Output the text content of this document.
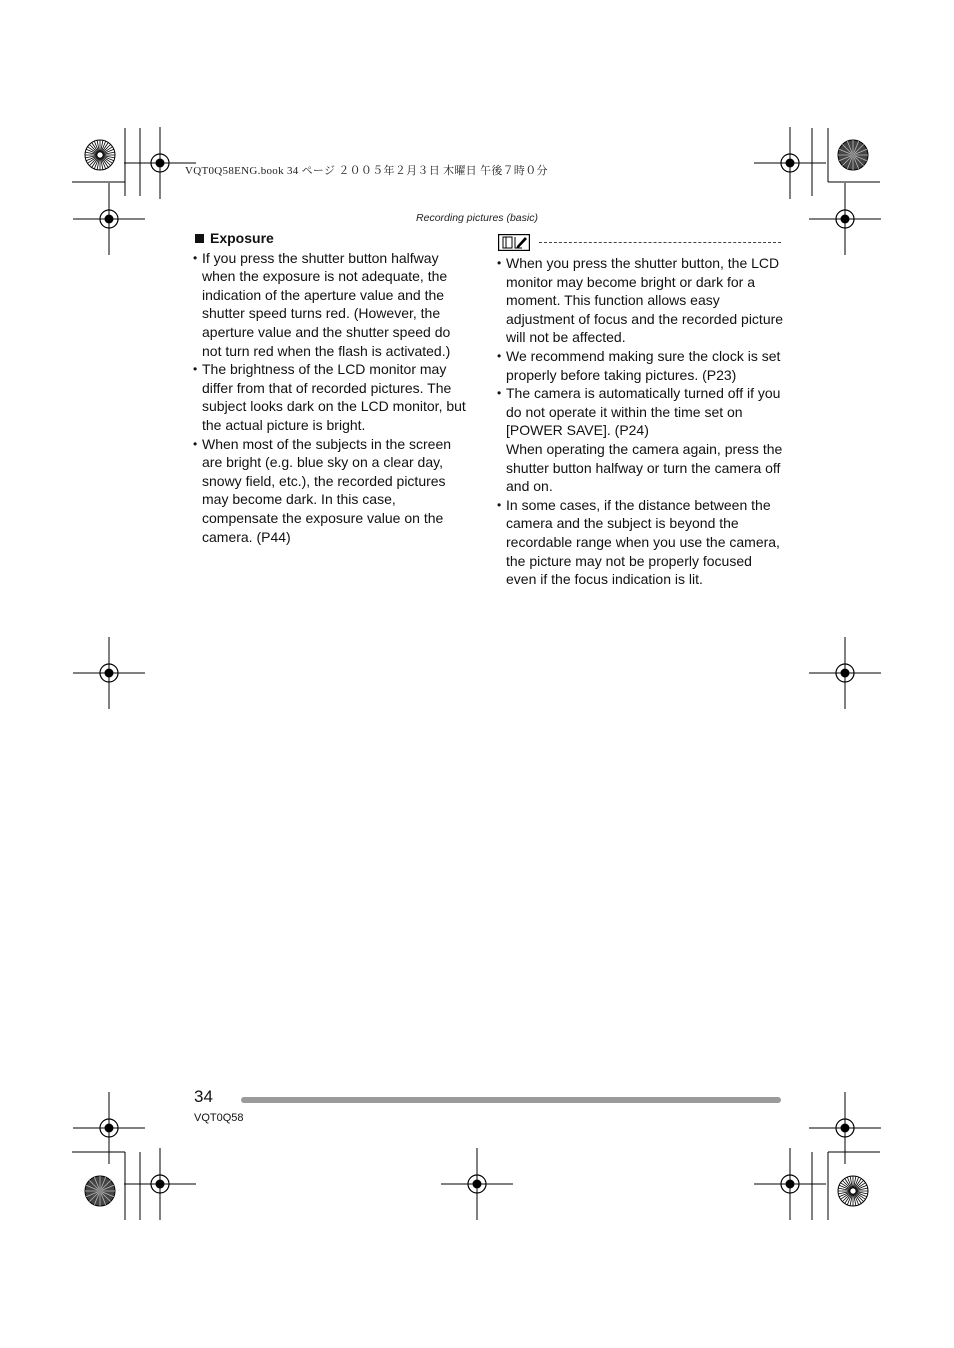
VQT0Q58ENG.book 34 ページ ２００５年２月３日 木曜日 午後７時０分
Recording pictures (basic)
Exposure
• If you press the shutter button halfway when the exposure is not adequate, the indication of the aperture value and the shutter speed turns red. (However, the aperture value and the shutter speed do not turn red when the flash is activated.)
• The brightness of the LCD monitor may differ from that of recorded pictures. The subject looks dark on the LCD monitor, but the actual picture is bright.
• When most of the subjects in the screen are bright (e.g. blue sky on a clear day, snowy field, etc.), the recorded pictures may become dark. In this case, compensate the exposure value on the camera. (P44)
• When you press the shutter button, the LCD monitor may become bright or dark for a moment. This function allows easy adjustment of focus and the recorded picture will not be affected.
• We recommend making sure the clock is set properly before taking pictures. (P23)
• The camera is automatically turned off if you do not operate it within the time set on [POWER SAVE]. (P24)
When operating the camera again, press the shutter button halfway or turn the camera off and on.
• In some cases, if the distance between the camera and the subject is beyond the recordable range when you use the camera, the picture may not be properly focused even if the focus indication is lit.
34
VQT0Q58
